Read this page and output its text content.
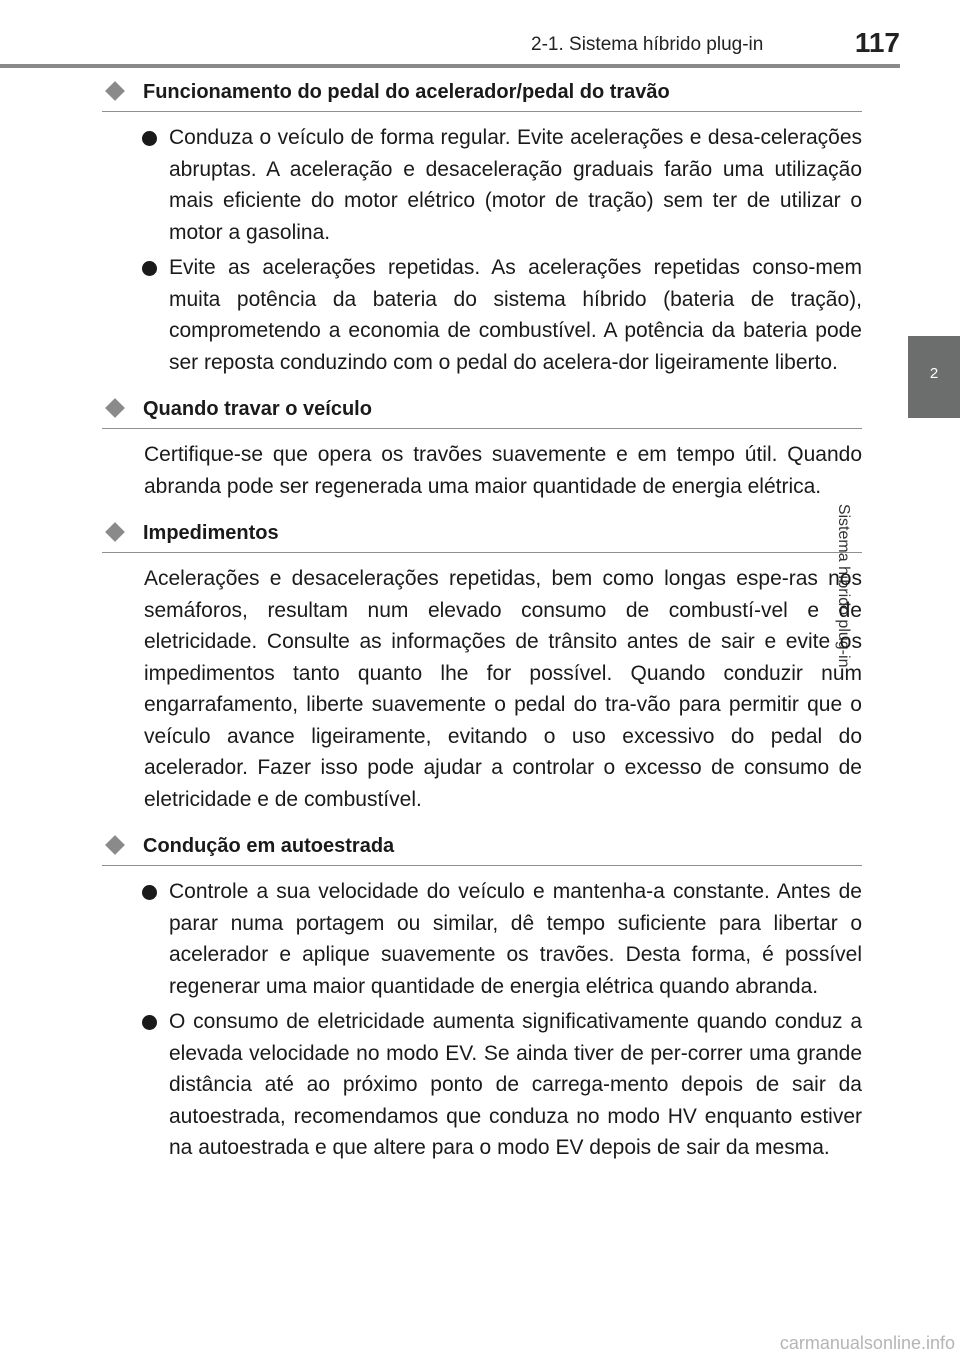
2-1. Sistema híbrido plug-in	117
2
Sistema híbrido plug-in
Funcionamento do pedal do acelerador/pedal do travão
Conduza o veículo de forma regular. Evite acelerações e desa-celerações abruptas. A aceleração e desaceleração graduais farão uma utilização mais eficiente do motor elétrico (motor de tração) sem ter de utilizar o motor a gasolina.
Evite as acelerações repetidas. As acelerações repetidas conso-mem muita potência da bateria do sistema híbrido (bateria de tração), comprometendo a economia de combustível. A potência da bateria pode ser reposta conduzindo com o pedal do acelera-dor ligeiramente liberto.
Quando travar o veículo
Certifique-se que opera os travões suavemente e em tempo útil. Quando abranda pode ser regenerada uma maior quantidade de energia elétrica.
Impedimentos
Acelerações e desacelerações repetidas, bem como longas espe-ras nos semáforos, resultam num elevado consumo de combustí-vel e de eletricidade. Consulte as informações de trânsito antes de sair e evite os impedimentos tanto quanto lhe for possível. Quando conduzir num engarrafamento, liberte suavemente o pedal do tra-vão para permitir que o veículo avance ligeiramente, evitando o uso excessivo do pedal do acelerador. Fazer isso pode ajudar a controlar o excesso de consumo de eletricidade e de combustível.
Condução em autoestrada
Controle a sua velocidade do veículo e mantenha-a constante. Antes de parar numa portagem ou similar, dê tempo suficiente para libertar o acelerador e aplique suavemente os travões. Desta forma, é possível regenerar uma maior quantidade de energia elétrica quando abranda.
O consumo de eletricidade aumenta significativamente quando conduz a elevada velocidade no modo EV. Se ainda tiver de per-correr uma grande distância até ao próximo ponto de carrega-mento depois de sair da autoestrada, recomendamos que conduza no modo HV enquanto estiver na autoestrada e que altere para o modo EV depois de sair da mesma.
carmanualsonline.info
